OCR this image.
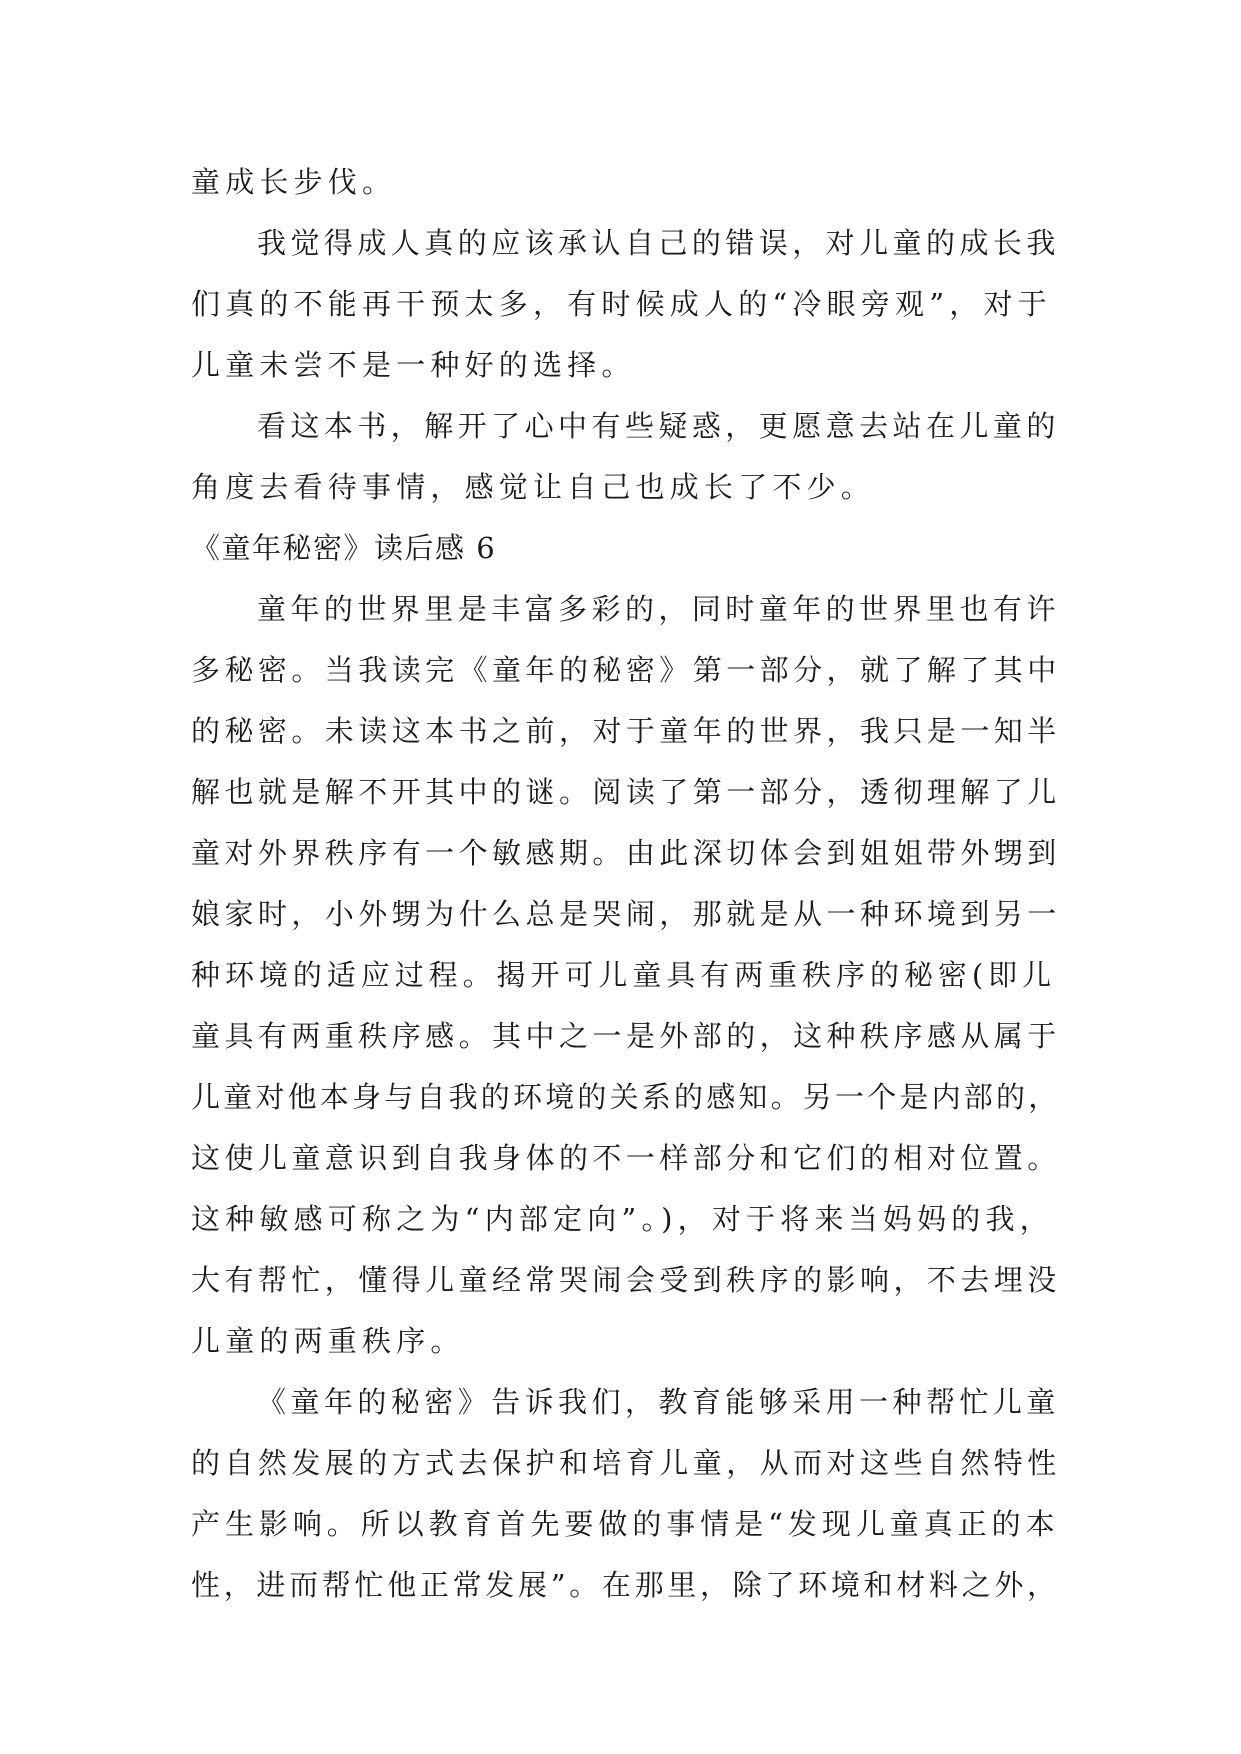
童成长步伐。
我觉得成人真的应该承认自己的错误，对儿童的成长我
们真的不能再干预太多，有时候成人的“冷眼旁观”，对于
儿童未尝不是一种好的选择。
看这本书，解开了心中有些疑惑，更愿意去站在儿童的
角度去看待事情，感觉让自己也成长了不少。
《童年秘密》读后感 6
童年的世界里是丰富多彩的，同时童年的世界里也有许
多秘密。当我读完《童年的秘密》第一部分，就了解了其中
的秘密。未读这本书之前，对于童年的世界，我只是一知半
解也就是解不开其中的谜。阅读了第一部分，透彻理解了儿
童对外界秩序有一个敏感期。由此深切体会到姐姐带外甥到
娘家时，小外甥为什么总是哭闹，那就是从一种环境到另一
种环境的适应过程。揭开可儿童具有两重秩序的秘密(即儿
童具有两重秩序感。其中之一是外部的，这种秩序感从属于
儿童对他本身与自我的环境的关系的感知。另一个是内部的，
这使儿童意识到自我身体的不一样部分和它们的相对位置。
这种敏感可称之为“内部定向”。)，对于将来当妈妈的我，
大有帮忙，懂得儿童经常哭闹会受到秩序的影响，不去埋没
儿童的两重秩序。
《童年的秘密》告诉我们，教育能够采用一种帮忙儿童
的自然发展的方式去保护和培育儿童，从而对这些自然特性
产生影响。所以教育首先要做的事情是“发现儿童真正的本
性，进而帮忙他正常发展”。在那里，除了环境和材料之外，
